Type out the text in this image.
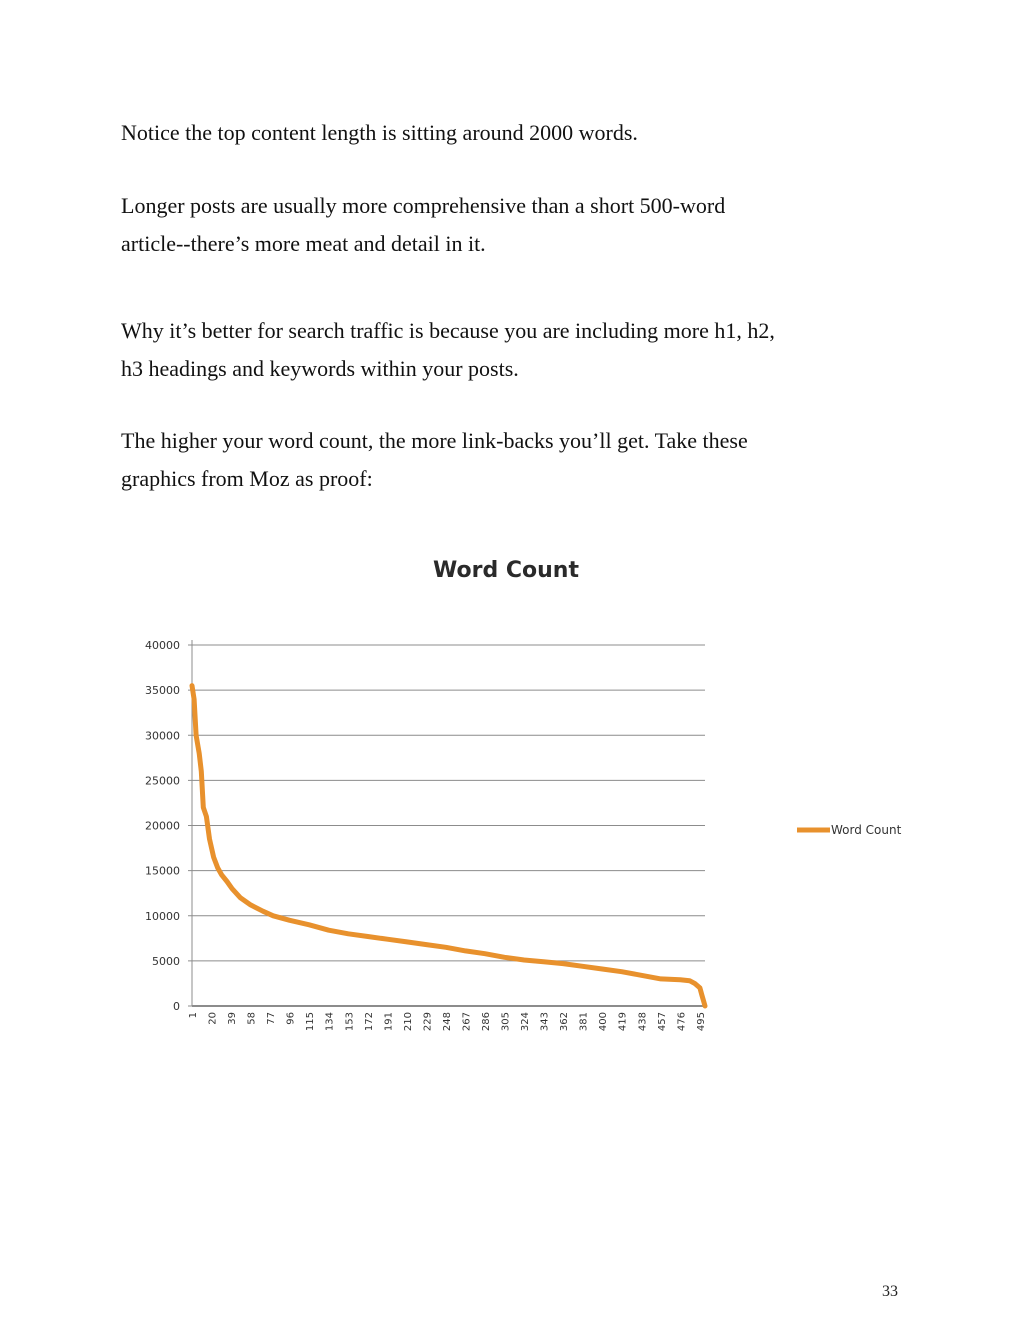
Notice the top content length is sitting around 2000 words.

Longer posts are usually more comprehensive than a short 500-word
article--there’s more meat and detail in it.

Why it’s better for search traffic is because you are including more h1, h2,
h3 headings and keywords within your posts.

The higher your word count, the more link-backs you’ll get. Take these
graphics from Moz as proof:

Word Count
0
5000
10000
15000
20000
25000
30000
35000
40000
1 20 39 58 77 96 115 134 153 172 191 210 229 248 267 286 305 324 343 362 381 400 419 438 457 476 495
Word Count
33
